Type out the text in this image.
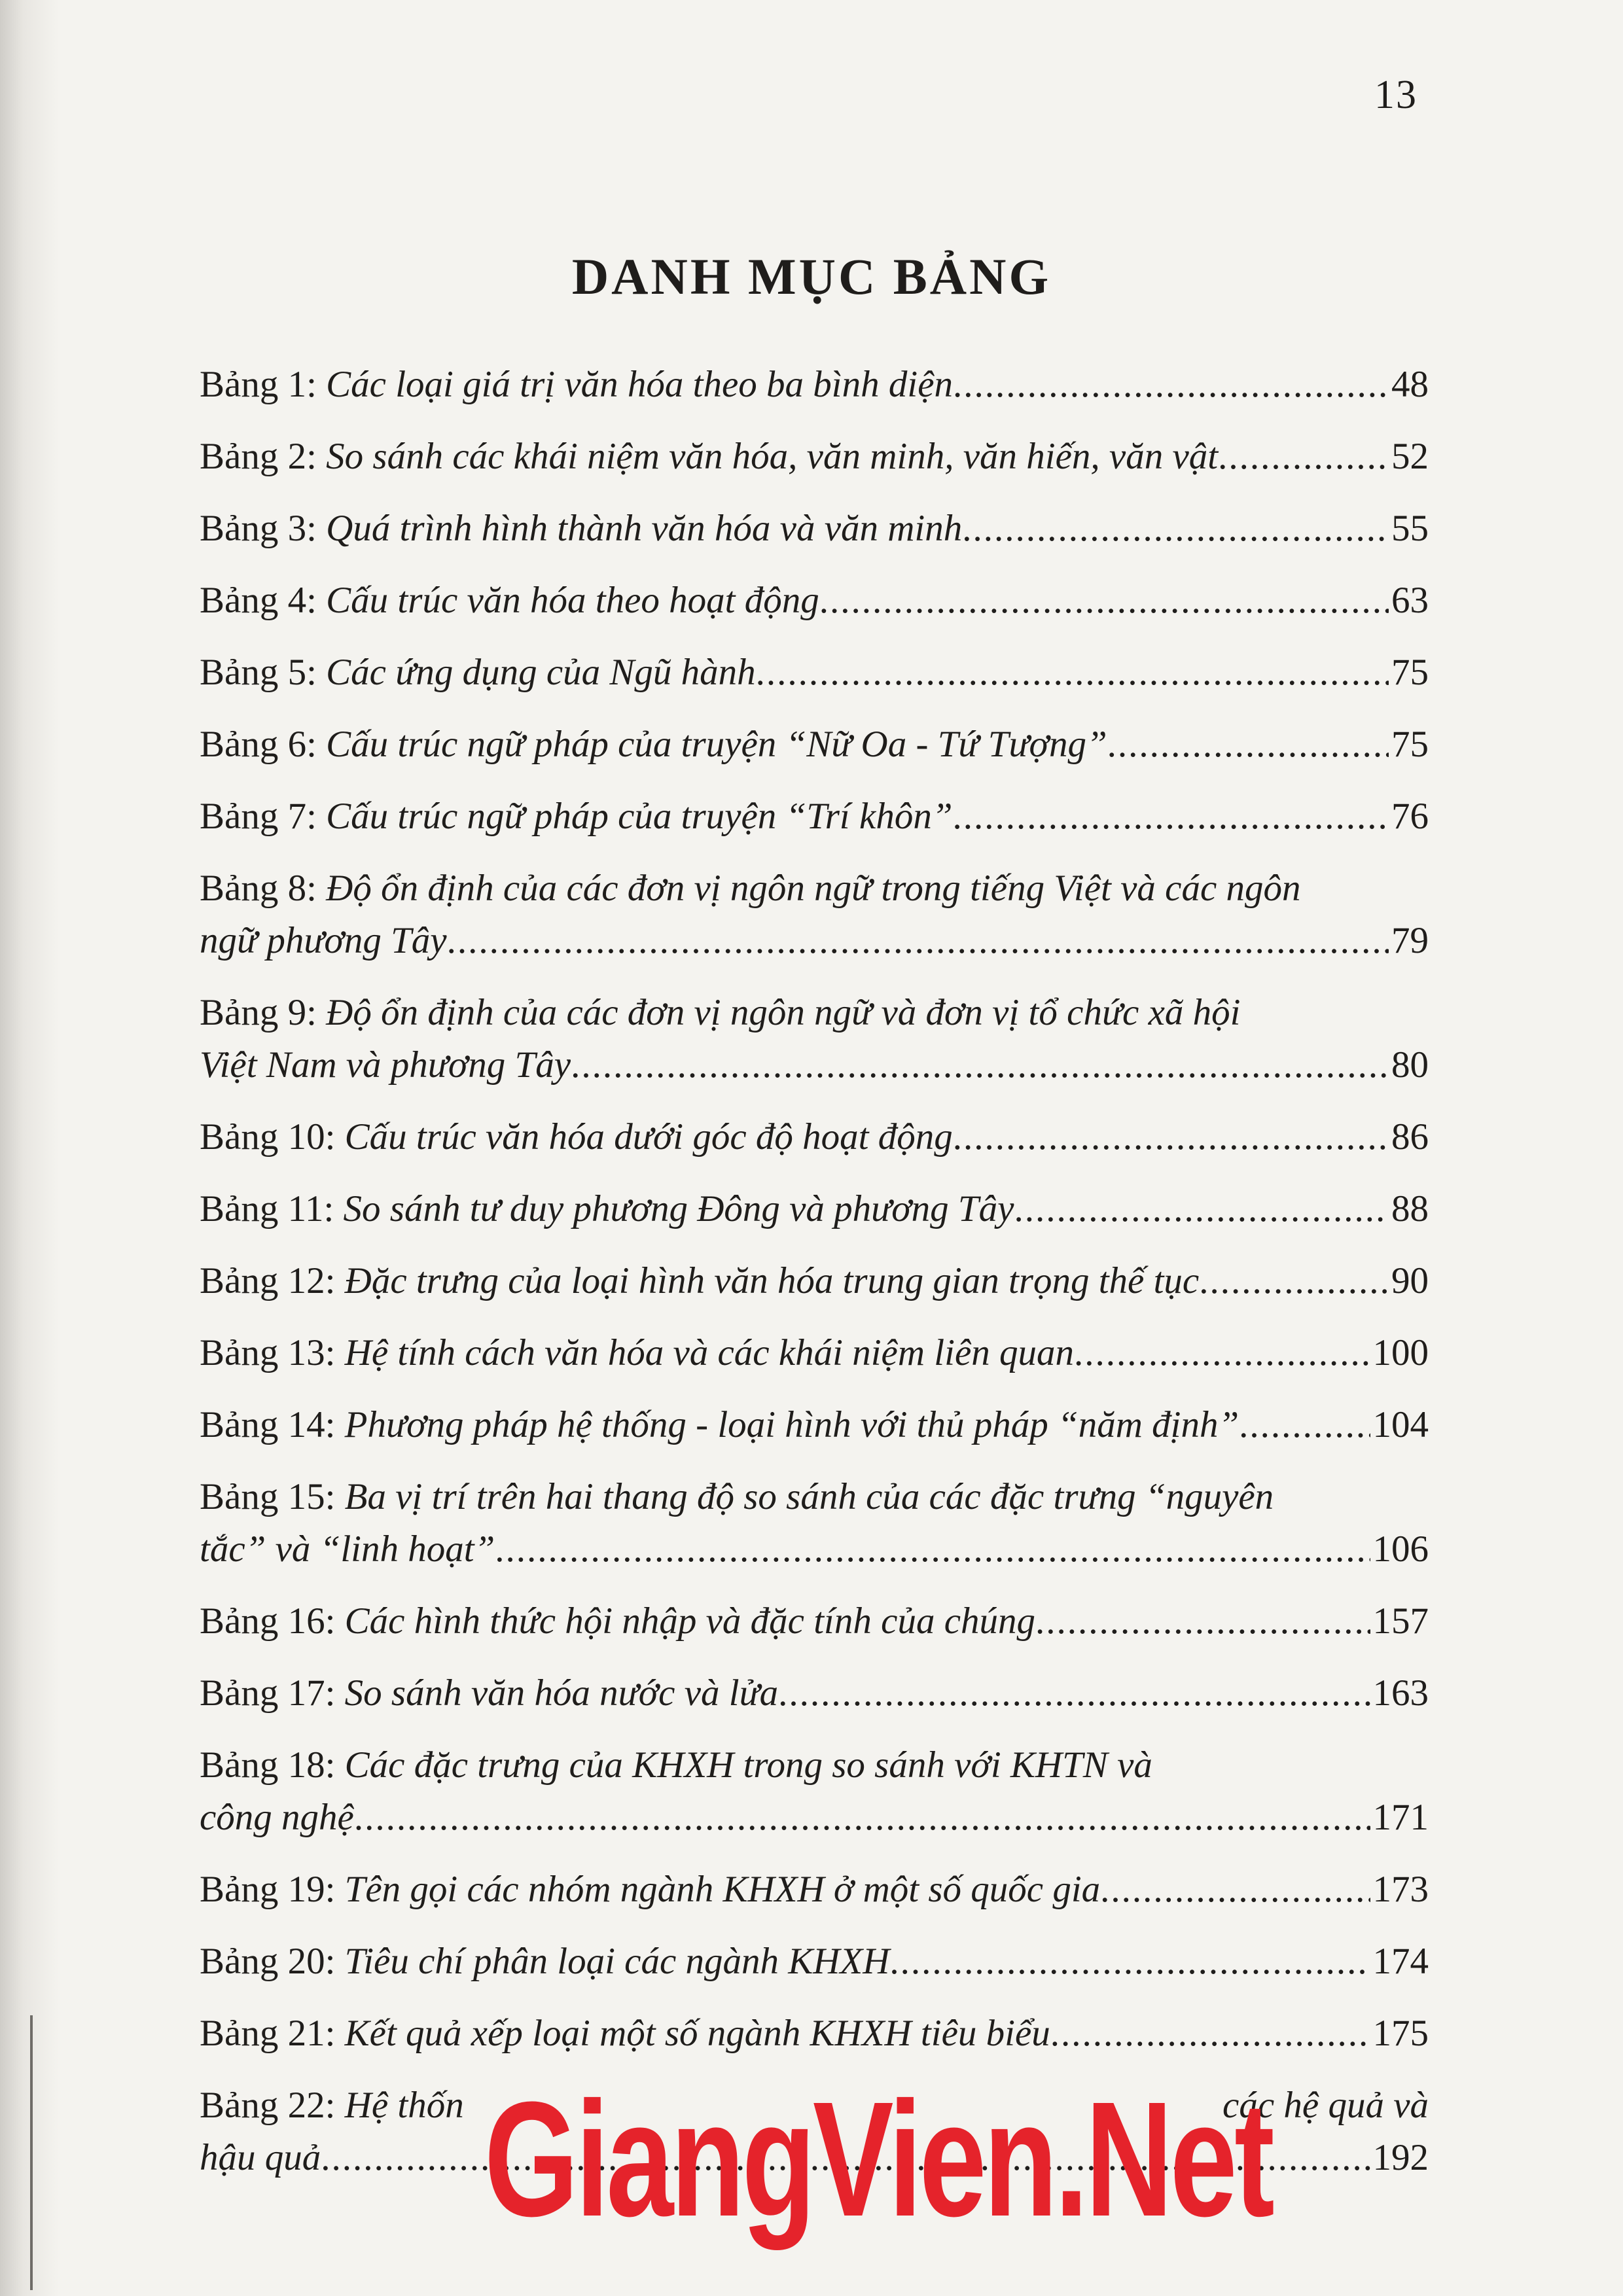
13
DANH MỤC BẢNG
Bảng 1:
Các loại giá trị văn hóa theo ba bình diện .....	48
Bảng 2:
So sánh các khái niệm văn hóa, văn minh, văn hiến, văn vật .....	52
Bảng 3:
Quá trình hình thành văn hóa và văn minh .....	55
Bảng 4:
Cấu trúc văn hóa theo hoạt động .....	63
Bảng 5:
Các ứng dụng của Ngũ hành .....	75
Bảng 6:
Cấu trúc ngữ pháp của truyện “Nữ Oa - Tứ Tượng” .....	75
Bảng 7:
Cấu trúc ngữ pháp của truyện “Trí khôn” .....	76
Bảng 8: Độ ổn định của các đơn vị ngôn ngữ trong tiếng Việt và các ngôn
ngữ phương Tây .....	79
Bảng 9: Độ ổn định của các đơn vị ngôn ngữ và đơn vị tổ chức xã hội
Việt Nam và phương Tây .....	80
Bảng 10:
Cấu trúc văn hóa dưới góc độ hoạt động .....	86
Bảng 11:
So sánh tư duy phương Đông và phương Tây .....	88
Bảng 12:
Đặc trưng của loại hình văn hóa trung gian trọng thế tục .....	90
Bảng 13:
Hệ tính cách văn hóa và các khái niệm liên quan .....	100
Bảng 14:
Phương pháp hệ thống - loại hình với thủ pháp “năm định” .....	104
Bảng 15: Ba vị trí trên hai thang độ so sánh của các đặc trưng “nguyên
tắc” và “linh hoạt” .....	106
Bảng 16:
Các hình thức hội nhập và đặc tính của chúng .....	157
Bảng 17:
So sánh văn hóa nước và lửa .....	163
Bảng 18: Các đặc trưng của KHXH trong so sánh với KHTN và
công nghệ .....	171
Bảng 19:
Tên gọi các nhóm ngành KHXH ở một số quốc gia .....	173
Bảng 20:
Tiêu chí phân loại các ngành KHXH .....	174
Bảng 21:
Kết quả xếp loại một số ngành KHXH tiêu biểu .....	175
Bảng 22:
Hệ thốn	các hệ quả và
hậu quả .....	192
GiangVien.Net
